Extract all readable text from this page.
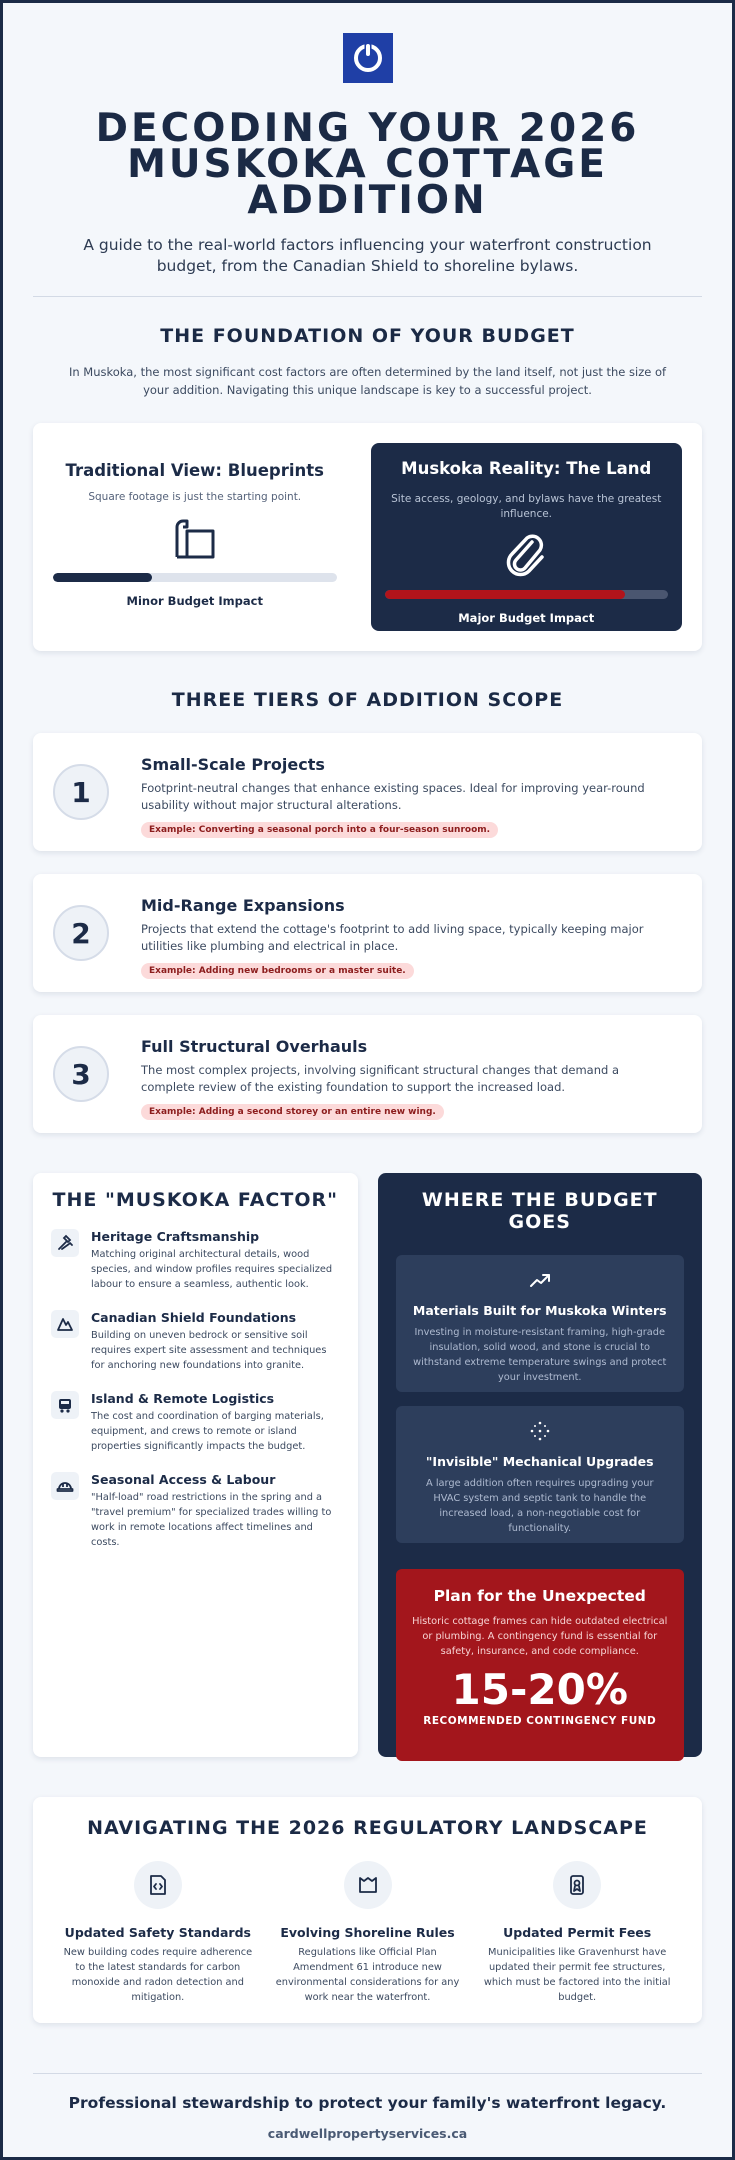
DECODING YOUR 2026 MUSKOKA COTTAGE ADDITION

A guide to the real-world factors influencing your waterfront construction budget, from the Canadian Shield to shoreline bylaws.

THE FOUNDATION OF YOUR BUDGET

In Muskoka, the most significant cost factors are often determined by the land itself, not just the size of your addition. Navigating this unique landscape is key to a successful project.

Traditional View: Blueprints
Square footage is just the starting point.
Minor Budget Impact
Muskoka Reality: The Land
Site access, geology, and bylaws have the greatest influence.
Major Budget Impact
THREE TIERS OF ADDITION SCOPE
1
Small-Scale Projects
Footprint-neutral changes that enhance existing spaces. Ideal for improving year-round usability without major structural alterations.
Example: Converting a seasonal porch into a four-season sunroom.
2
Mid-Range Expansions
Projects that extend the cottage's footprint to add living space, typically keeping major utilities like plumbing and electrical in place.
Example: Adding new bedrooms or a master suite.
3
Full Structural Overhauls
The most complex projects, involving significant structural changes that demand a complete review of the existing foundation to support the increased load.
Example: Adding a second storey or an entire new wing.
THE "MUSKOKA FACTOR"
Heritage Craftsmanship
Matching original architectural details, wood species, and window profiles requires specialized labour to ensure a seamless, authentic look.
Canadian Shield Foundations
Building on uneven bedrock or sensitive soil requires expert site assessment and techniques for anchoring new foundations into granite.
Island & Remote Logistics
The cost and coordination of barging materials, equipment, and crews to remote or island properties significantly impacts the budget.
Seasonal Access & Labour
"Half-load" road restrictions in the spring and a "travel premium" for specialized trades willing to work in remote locations affect timelines and costs.
WHERE THE BUDGET GOES
Materials Built for Muskoka Winters
Investing in moisture-resistant framing, high-grade insulation, solid wood, and stone is crucial to withstand extreme temperature swings and protect your investment.
"Invisible" Mechanical Upgrades
A large addition often requires upgrading your HVAC system and septic tank to handle the increased load, a non-negotiable cost for functionality.
Plan for the Unexpected
Historic cottage frames can hide outdated electrical or plumbing. A contingency fund is essential for safety, insurance, and code compliance.
15-20%
RECOMMENDED CONTINGENCY FUND
NAVIGATING THE 2026 REGULATORY LANDSCAPE
Updated Safety Standards
New building codes require adherence to the latest standards for carbon monoxide and radon detection and mitigation.
Evolving Shoreline Rules
Regulations like Official Plan Amendment 61 introduce new environmental considerations for any work near the waterfront.
Updated Permit Fees
Municipalities like Gravenhurst have updated their permit fee structures, which must be factored into the initial budget.
Professional stewardship to protect your family's waterfront legacy.
cardwellpropertyservices.ca
